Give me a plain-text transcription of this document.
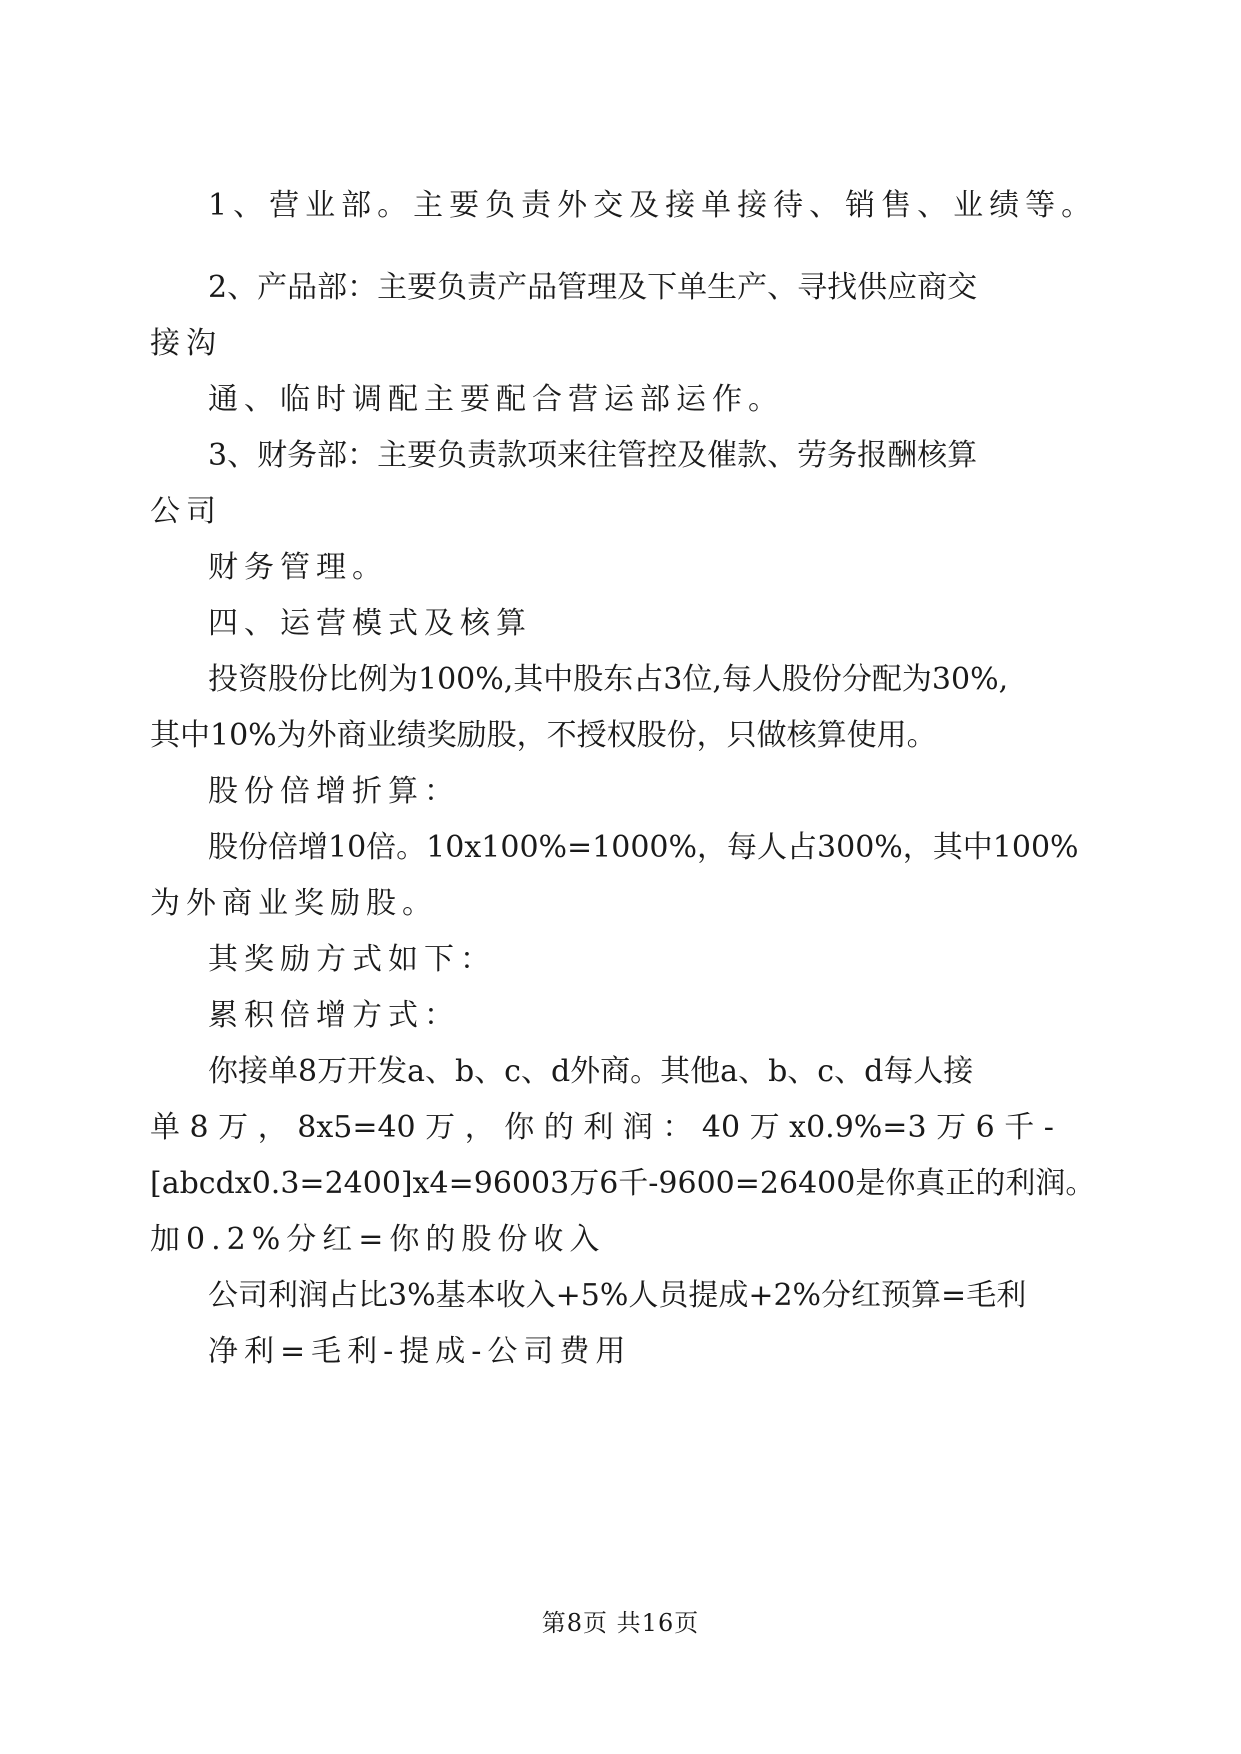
1、营业部。主要负责外交及接单接待、销售、业绩等。
2、产品部：主要负责产品管理及下单生产、寻找供应商交
接沟
通、临时调配主要配合营运部运作。
3、财务部：主要负责款项来往管控及催款、劳务报酬核算
公司
财务管理。
四、运营模式及核算
投资股份比例为100%,其中股东占3位,每人股份分配为30%,
其中10%为外商业绩奖励股，不授权股份，只做核算使用。
股份倍增折算：
股份倍增10倍。10x100%=1000%，每人占300%，其中100%
为外商业奖励股。
其奖励方式如下：
累积倍增方式：
你接单8万开发a、b、c、d外商。其他a、b、c、d每人接
单 8 万 ， 8x5=40 万 ， 你 的 利 润 ： 40 万 x0.9%=3 万 6 千 -
[abcdx0.3=2400]x4=96003万6千-9600=26400是你真正的利润。
加0.2%分红=你的股份收入
公司利润占比3%基本收入+5%人员提成+2%分红预算=毛利
净利=毛利-提成-公司费用
第8页 共16页
